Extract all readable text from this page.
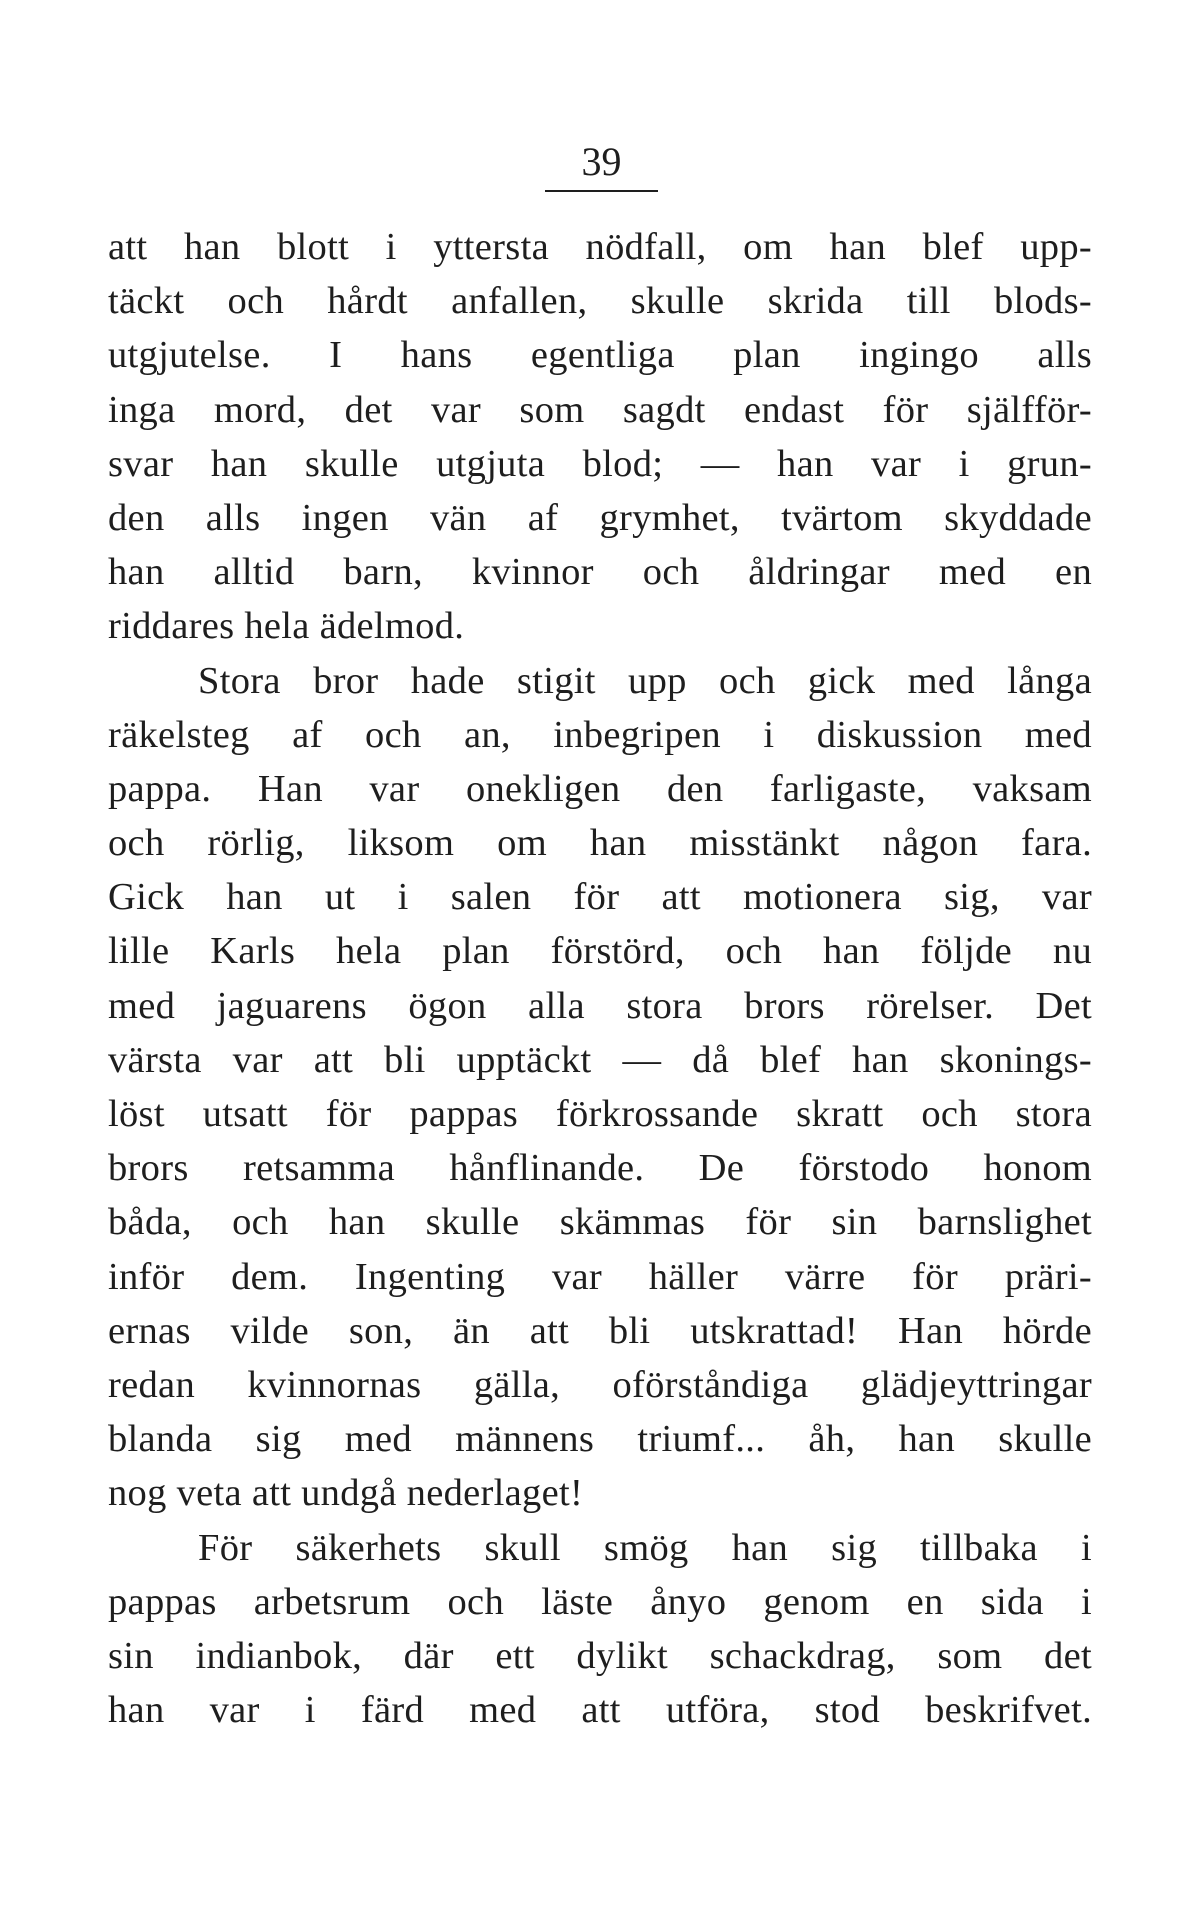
39
att han blott i yttersta nödfall, om han blef upp-
täckt och hårdt anfallen, skulle skrida till blods-
utgjutelse. I hans egentliga plan ingingo alls
inga mord, det var som sagdt endast för själfför-
svar han skulle utgjuta blod; — han var i grun-
den alls ingen vän af grymhet, tvärtom skyddade
han alltid barn, kvinnor och åldringar med en
riddares hela ädelmod.
Stora bror hade stigit upp och gick med långa
räkelsteg af och an, inbegripen i diskussion med
pappa. Han var onekligen den farligaste, vaksam
och rörlig, liksom om han misstänkt någon fara.
Gick han ut i salen för att motionera sig, var
lille Karls hela plan förstörd, och han följde nu
med jaguarens ögon alla stora brors rörelser. Det
värsta var att bli upptäckt — då blef han skonings-
löst utsatt för pappas förkrossande skratt och stora
brors retsamma hånflinande. De förstodo honom
båda, och han skulle skämmas för sin barnslighet
inför dem. Ingenting var häller värre för präri-
ernas vilde son, än att bli utskrattad! Han hörde
redan kvinnornas gälla, oförståndiga glädjeyttringar
blanda sig med männens triumf... åh, han skulle
nog veta att undgå nederlaget!
För säkerhets skull smög han sig tillbaka i
pappas arbetsrum och läste ånyo genom en sida i
sin indianbok, där ett dylikt schackdrag, som det
han var i färd med att utföra, stod beskrifvet.
